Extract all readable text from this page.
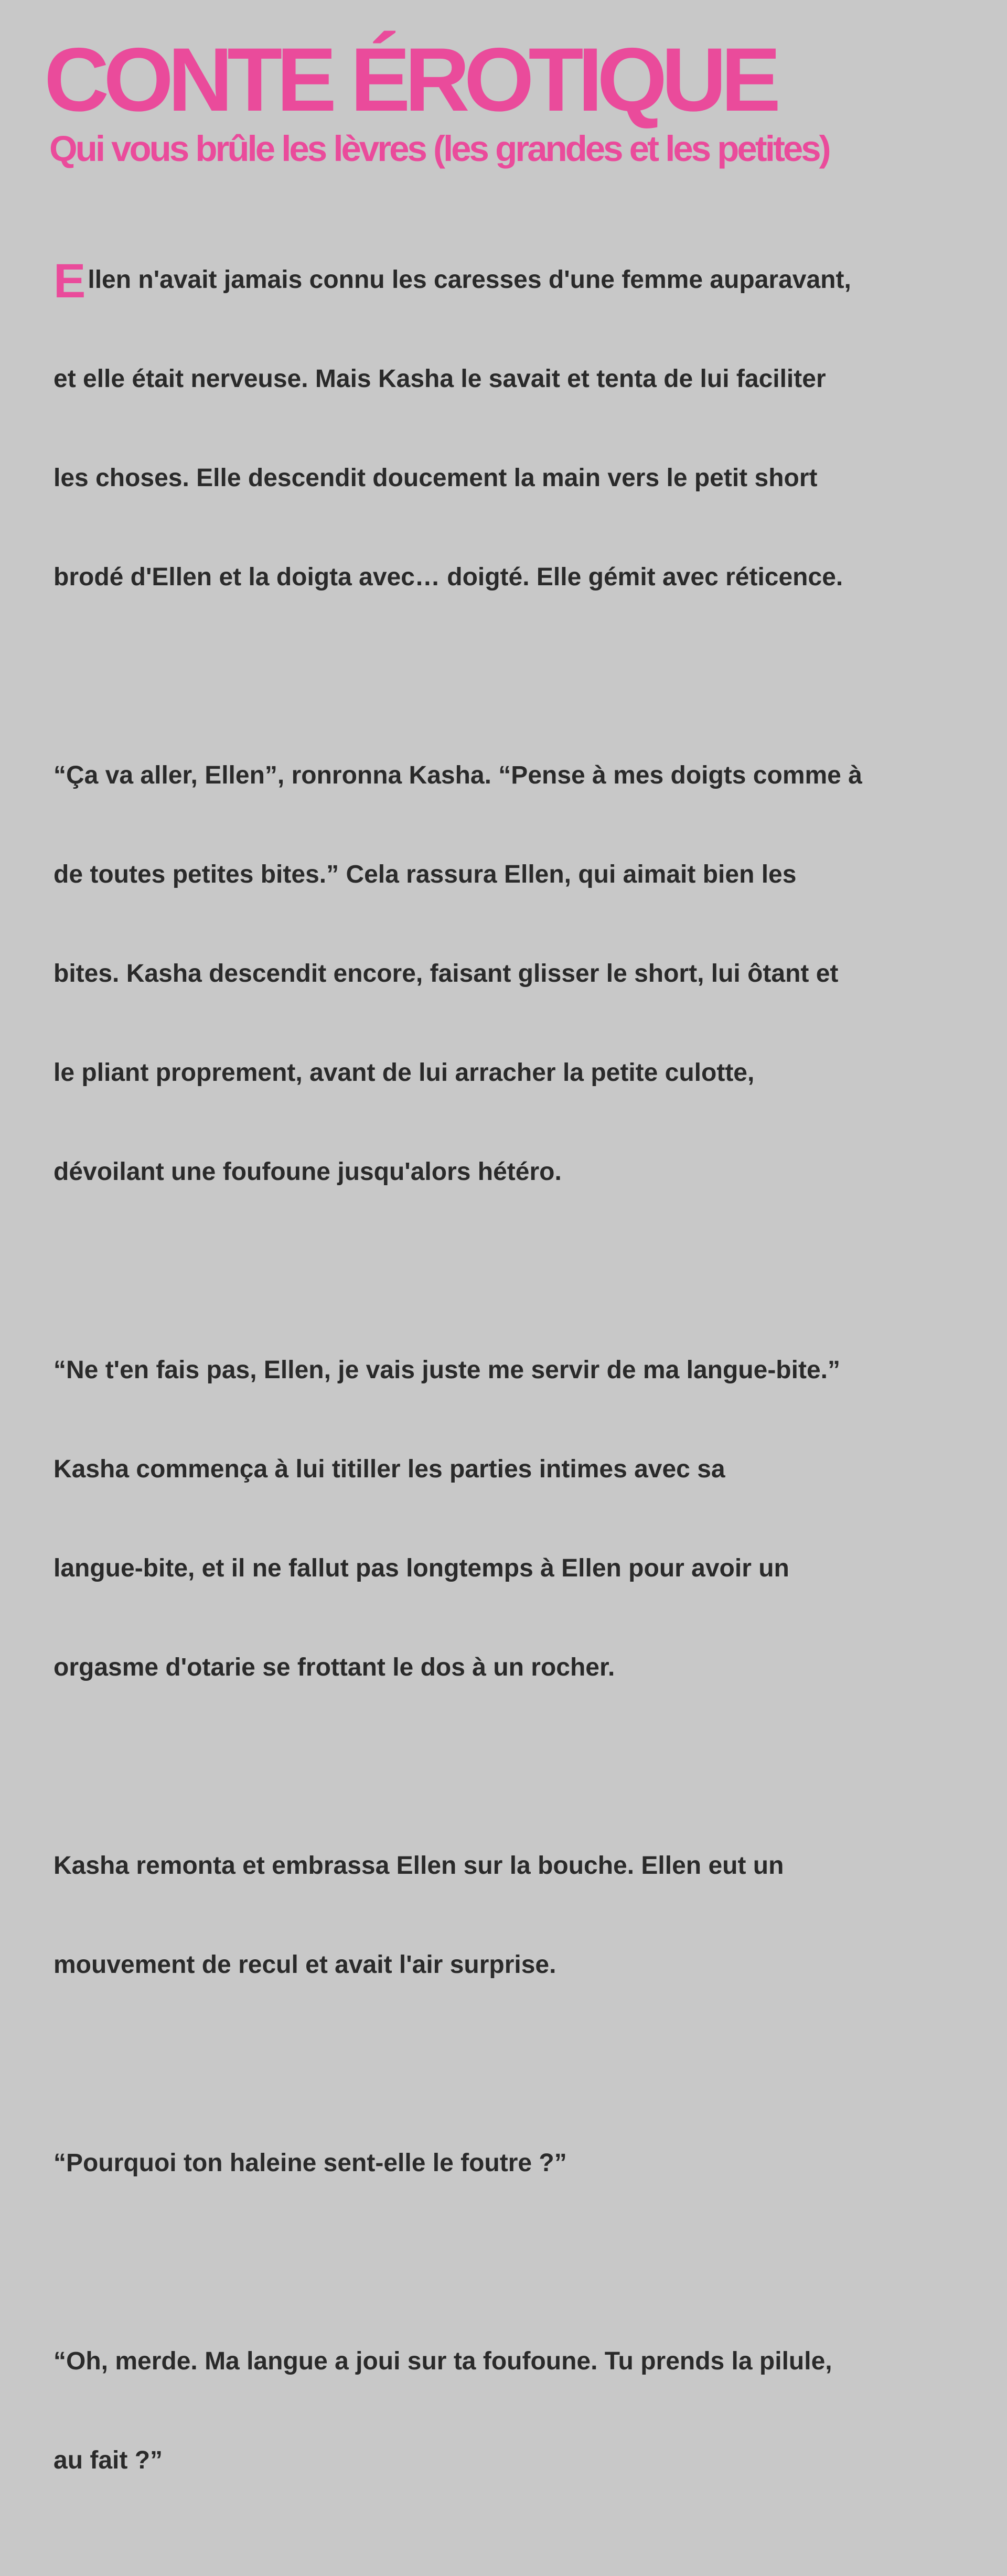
CONTE ÉROTIQUE
Qui vous brûle les lèvres (les grandes et les petites)

Ellen n'avait jamais connu les caresses d'une femme auparavant,

et elle était nerveuse. Mais Kasha le savait et tenta de lui faciliter

les choses. Elle descendit doucement la main vers le petit short

brodé d'Ellen et la doigta avec… doigté. Elle gémit avec réticence.

“Ça va aller, Ellen”, ronronna Kasha. “Pense à mes doigts comme à

de toutes petites bites.” Cela rassura Ellen, qui aimait bien les

bites. Kasha descendit encore, faisant glisser le short, lui ôtant et

le pliant proprement, avant de lui arracher la petite culotte,

dévoilant une foufoune jusqu'alors hétéro.

“Ne t'en fais pas, Ellen, je vais juste me servir de ma langue-bite.”

Kasha commença à lui titiller les parties intimes avec sa

langue-bite, et il ne fallut pas longtemps à Ellen pour avoir un

orgasme d'otarie se frottant le dos à un rocher.

Kasha remonta et embrassa Ellen sur la bouche. Ellen eut un

mouvement de recul et avait l'air surprise.

“Pourquoi ton haleine sent-elle le foutre ?”

“Oh, merde. Ma langue a joui sur ta foufoune. Tu prends la pilule,

au fait ?”
